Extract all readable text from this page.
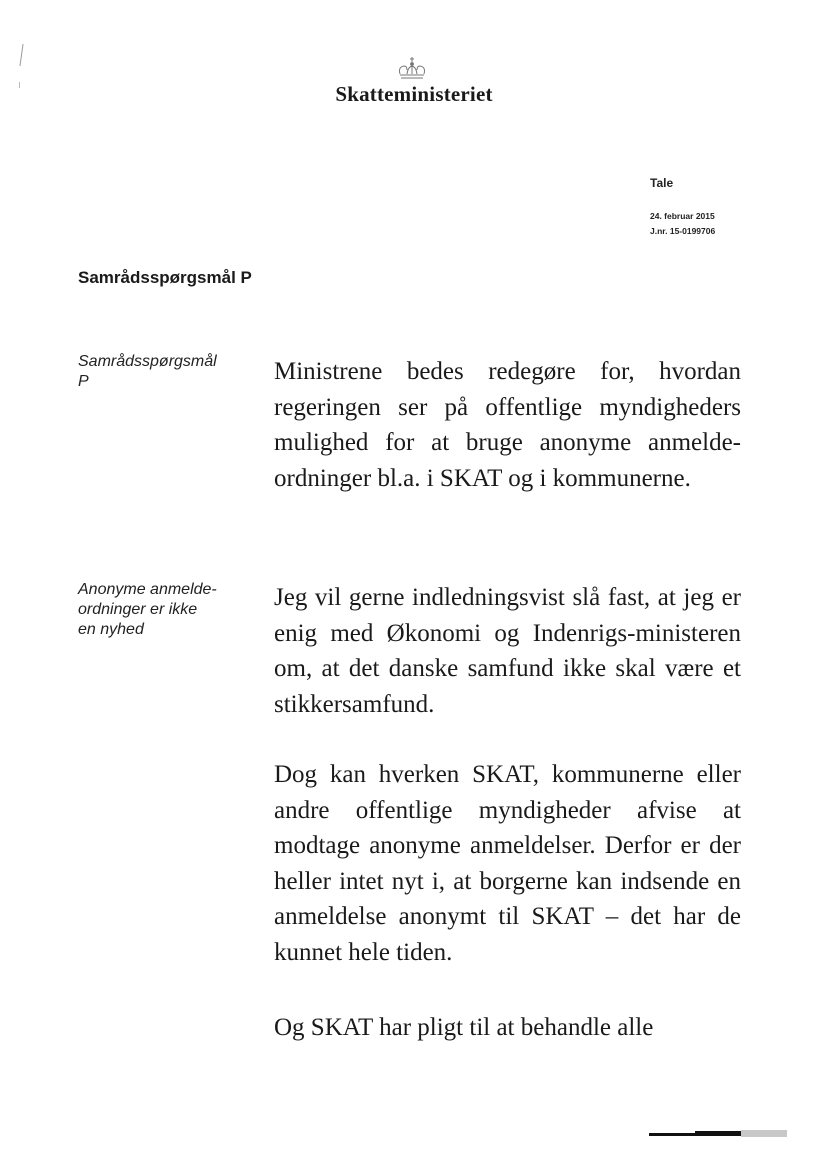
Skatteministeriet
Tale
24. februar 2015
J.nr. 15-0199706
Samrådsspørgsmål P
Samrådsspørgsmål
P	Ministrene bedes redegøre for, hvordan regeringen ser på offentlige myndigheders mulighed for at bruge anonyme anmelde-ordninger bl.a. i SKAT og i kommunerne.

Anonyme anmelde-
ordninger er ikke
en nyhed

Jeg vil gerne indledningsvist slå fast, at jeg er enig med Økonomi og Indenrigs-ministeren om, at det danske samfund ikke skal være et stikkersamfund.

Dog kan hverken SKAT, kommunerne eller andre offentlige myndigheder afvise at modtage anonyme anmeldelser. Derfor er der heller intet nyt i, at borgerne kan indsende en anmeldelse anonymt til SKAT – det har de kunnet hele tiden.

Og SKAT har pligt til at behandle alle
